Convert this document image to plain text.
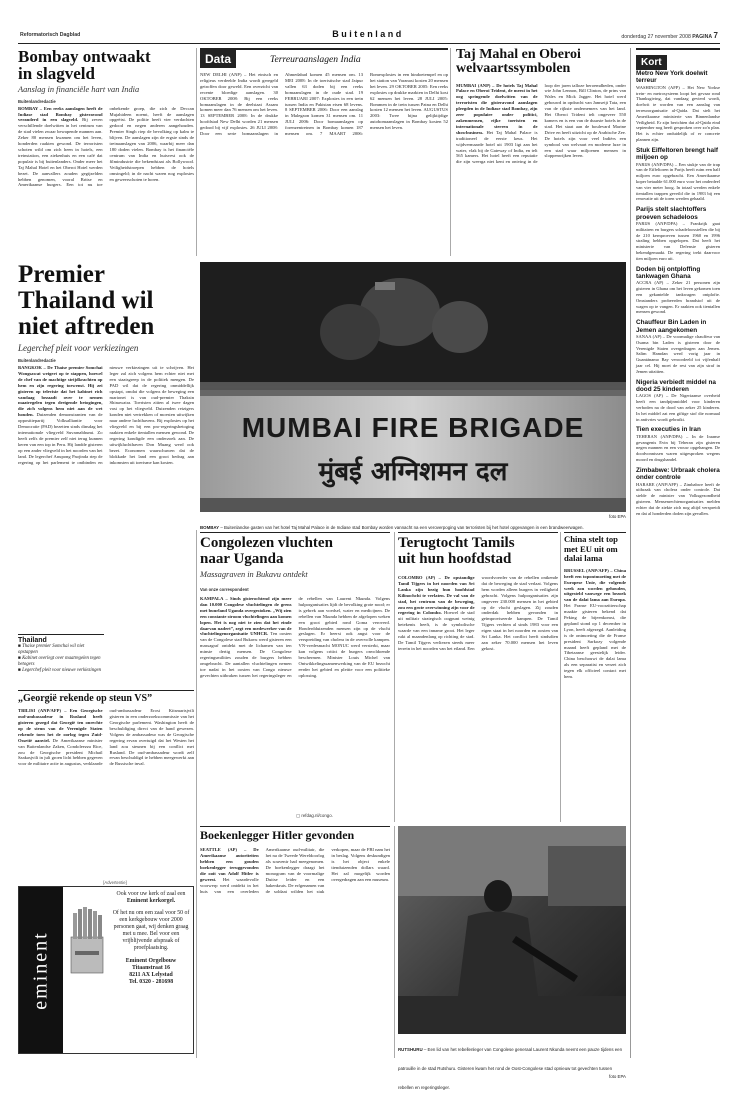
Reformatorisch Dagblad	Buitenland	donderdag 27 november 2008 PAGINA 7
Bombay ontwaakt
in slagveld
Aanslag in financiële hart van India
Buitenlandredactie
BOMBAY – Een reeks aanslagen heeft de Indiase stad Bombay gisteravond veranderd in een slagveld. Bij zeven verschillende doelwitten in het centrum van de stad vielen zwaar bewapende mannen aan. Zeker 80 mensen kwamen om het leven, honderden raakten gewond. De terroristen schoten wild om zich heen in hotels, een treinstation, een ziekenhuis en een café dat populair is bij buitenlanders. Onder meer het Taj Mahal Hotel en het Oberoi Hotel werden bezet. De aanvallers zouden gegijzelden hebben genomen, vooral Britse en Amerikaanse burgers. Een tot nu toe onbekende groep, die zich de Deccan Mujahideen noemt, heeft de aanslagen opgeëist. De politie heeft vier verdachten gedood en negen anderen aangehouden. Premier Singh riep de bevolking op kalm te blijven. De aanslagen zijn de ergste sinds de treinaanslagen van 2006, waarbij meer dan 180 doden vielen. Bombay is het financiële centrum van India en huisvest ook de filmindustrie die bekendstaat als Bollywood. Veiligheidstroepen hebben de hotels omsingeld; in de nacht waren nog explosies en geweerschoten te horen.
Data	Terreuraanslagen India
NEW DELHI (ANP) – Het etnisch en religieus verdeelde India wordt geregeld getroffen door geweld. Een overzicht van recente bloedige aanslagen. 30 OKTOBER 2008: Bij een reeks bomaanslagen in de deelstaat Assam komen meer dan 76 mensen om het leven. 13 SEPTEMBER 2008: In de drukke hoofdstad New Delhi worden 21 mensen gedood bij vijf explosies. 26 JULI 2008: Door een serie bomaanslagen in Ahmedabad komen 45 mensen om. 13 MEI 2008: In de toeristische stad Jaipur vallen 63 doden bij een reeks bomaanslagen in de oude stad. 19 FEBRUARI 2007: Explosies in een trein tussen India en Pakistan eisen 68 levens. 8 SEPTEMBER 2006: Door een aanslag in Malegaon komen 31 mensen om. 11 JULI 2006: Door bomaanslagen op forenzentreinen in Bombay komen 187 mensen om. 7 MAART 2006: Bomexplosies in een hindoetempel en op het station van Varanasi kosten 20 mensen het leven. 29 OKTOBER 2005: Een reeks explosies op drukke markten in Delhi kost 62 mensen het leven. 28 JULI 2005: Bommen in de trein tussen Patna en Delhi kosten 12 mensen het leven. AUGUSTUS 2003: Twee bijna gelijktijdige autobomaanslagen in Bombay kosten 52 mensen het leven.
Taj Mahal en Oberoi
welvaartssymbolen
MUMBAI (ANP) – De hotels Taj Mahal Palace en Oberoi Trident, de meest in het oog springende doelwitten van de terroristen die gisteravond aanslagen pleegden in de Indiase stad Bombay, zijn zeer populaire onder politici, zakenmensen, rijke toeristen en internationale sterren in de showbusiness. Het Taj Mahal Palace is traditioneel de eerste keus. Het wijdvermaarde hotel uit 1903 ligt aan het water, vlak bij de Gateway of India, en telt 565 kamers. Het hotel heeft een reputatie die zijn weerga niet kent en ontving in de loop der jaren talloze beroemdheden, onder wie John Lennon, Bill Clinton, de prins van Wales en Mick Jagger. Het hotel werd gebouwd in opdracht van Jamsetji Tata, een van de rijkste ondernemers van het land. Het Oberoi Trident telt ongeveer 550 kamers en is een van de duurste hotels in de stad. Het staat aan de boulevard Marine Drive en heeft uitzicht op de Arabische Zee. De hotels zijn voor veel Indiërs een symbool van welvaart en moderne luxe in een stad waar miljoenen mensen in sloppenwijken leven.
Kort
Metro New York doelwit terreur
WASHINGTON (AFP) – Het New Yorkse trein- en metrosysteem loopt het gevaar rond Thanksgiving, dat vandaag gevierd wordt, doelwit te worden van een aanslag van terreurorganisatie al-Qaida. Dat stelt het Amerikaanse ministerie van Binnenlandse Veiligheid. Er zijn berichten dat al-Qaida eind september nog heeft gesproken over zo'n plan. Het is echter onduidelijk of er concrete plannen zijn.
Stuk Eiffeltoren brengt half miljoen op
PARIJS (ANP/DPA) – Een stukje van de trap van de Eiffeltoren in Parijs heeft ruim een half miljoen euro opgebracht. Een Amerikaanse koper betaalde 61.000 euro voor het onderdeel van vier meter hoog. In totaal werden enkele tientallen trappen geveild die in 1983 bij een renovatie uit de toren werden gehaald.
Parijs stelt slachtoffers proeven schadeloos
PARIJS (ANP/DPA) – Frankrijk gaat militairen en burgers schadeloosstellen die bij de 210 kernproeven tussen 1960 en 1996 straling hebben opgelopen. Dat heeft het ministerie van Defensie gisteren bekendgemaakt. De regering trekt daarvoor tien miljoen euro uit.
Doden bij ontploffing tankwagen Ghana
ACCRA (AP) – Zeker 21 personen zijn gisteren in Ghana om het leven gekomen toen een gekantelde tankwagen ontplofte. Omstanders probeerden brandstof uit de wagen op te vangen. Er raakten ook tientallen mensen gewond.
Chauffeur Bin Laden in Jemen aangekomen
SANAA (AP) – De voormalige chauffeur van Osama bin Laden is gisteren door de Verenigde Staten overgedragen aan Jemen. Salim Hamdan werd vorig jaar in Guantánamo Bay veroordeeld tot vijfenhalf jaar cel. Hij moet de rest van zijn straf in Jemen uitzitten.
Nigeria verbiedt middel na dood 25 kinderen
LAGOS (AP) – De Nigeriaanse overheid heeft een tandpijnmiddel voor kinderen verboden na de dood van zeker 25 kinderen. In het middel zat een giftige stof die normaal in antivries wordt gebruikt.
Tien executies in Iran
TEHERAN (ANP/DPA) – In de Iraanse gevangenis Evin bij Teheran zijn gisteren negen mannen en een vrouw opgehangen. De doodvonnissen waren uitgesproken wegens moord en drugshandel.
Zimbabwe: Urbraak cholera onder controle
HARARE (ANP/AFP) – Zimbabwe heeft de uitbraak van cholera onder controle. Dat stelde de minister van Volksgezondheid gisteren. Mensenrechtenorganisaties melden echter dat de ziekte zich nog altijd verspreidt en dat al honderden doden zijn gevallen.
Premier
Thailand wil
niet aftreden
Legerchef pleit voor verkiezingen
Buitenlandredactie
BANGKOK – De Thaise premier Somchai Wongsawat weigert op te stappen, hoewel de chef van de machtige strijdkrachten op hem en zijn regering toewenst. Hij zei gisteren op televisie dat het kabinet rich vandaag bezaadt over te nemen maatregelen tegen dreigende betogingen, die zich volgens hem niet aan de wet houden. Duizenden demonstranten van de oppositiepartij Volksalliantie voor Democratie (PAD) bezetten sinds dinsdag het internationale vliegveld Suvarnabhumi. Zo heeft zelfs de premier zelf niet terug kunnen keren van een top in Peru. Hij landde gisteren op een ander vliegveld in het noorden van het land. De legerchef Anupong Paojinda riep de regering op het parlement te ontbinden en nieuwe verkiezingen uit te schrijven. Het leger zal zich volgens hem echter niet met een staatsgreep in de politiek mengen. De PAD wil dat de regering onmiddellijk opstapt, omdat die volgens de beweging een marionet is van oud-premier Thaksin Shinawatra. Toeristen zitten al twee dagen vast op het vliegveld. Duizenden reizigers konden niet vertrekken of moesten uitwijken naar andere luchthavens. Bij explosies op het vliegveld en bij een pro-regeringsbetoging raakten enkele tientallen mensen gewond. De regering kondigde een onderzoek aan. De uitwijkluchthaven Don Muang werd ook bezet. Economen waarschuwen dat de blokkade het land een groot bedrag aan inkomsten uit toerisme kan kosten.
Thailand
■ Thaise premier Somchai wil niet opstappen
■ Kabinet overlegt over maatregelen tegen betogers
■ Legerchef pleit voor nieuwe verkiezingen
MUMBAI FIRE BRIGADE
मुंबई अग्निशमन दल
BOMBAY – Buitenlandse gasten van het hotel Taj Mahal Palace in de Indiase stad Bombay worden vannacht na een veroverpoging van terroristen bij het hotel opgevangen in een brandweerwagen.
foto EPA
„Georgië rekende op steun VS”
TBILISI (ANP/AFP) – Een Georgische oud-ambassadeur in Rusland heeft gisteren gezegd dat Georgië ten onrechte op de steun van de Verenigde Staten rekende toen het de oorlog tegen Zuid-Ossetië aanviel. De Amerikaanse minister van Buitenlandse Zaken, Condoleezza Rice, zou de Georgische president Michail Saakasjvili in juli groen licht hebben gegeven voor de militaire actie in augustus, verklaarde oud-ambassadeur Erosi Kitsmarisjvili gisteren in een onderzoekscommissie van het Georgische parlement. Washington heeft de beschuldiging direct van de hand gewezen. Volgens de ambassadeur was de Georgische regering ervan overtuigd dat het Westen het land zou steunen bij een conflict met Rusland. De oud-ambassadeur wordt zelf ervan beschuldigd te hebben meegewerkt aan de Russische inval.
[Advertentie]
eminent
Ook voor uw kerk of zaal een Eminent kerkorgel.
Of het nu om een zaal voor 50 of een kerkgebouw voor 2000 personen gaat, wij denken graag met u mee. Bel voor een vrijblijvende afspraak of proefplaatsing.
Eminent Orgelbouw
Titaanstraat 16
8211 AX Lelystad
Tel. 0320 - 281698
Congolezen vluchten
naar Uganda
Massagraven in Bukavu ontdekt
Van onze correspondent
KAMPALA – Sinds gisterochtend zijn meer dan 10.000 Congolese vluchtelingen de grens met buurland Uganda overgestoken. „Wij zien een constante stroom vluchtelingen aan komen lopen. Het is nog niet te zien dat het einde daarvan nadert”, zegt een medewerker van de vluchtelingenorganisatie UNHCR. Ten oosten van de Congolese stad Bukavu werd gisteren een massagraf ontdekt met de lichamen van ten minste dertig mensen. De Congolese regeringsmilities zouden de burgers hebben omgebracht. De aantallen vluchtelingen nemen toe nadat in het oosten van Congo nieuwe gevechten uitbraken tussen het regeringsleger en de rebellen van Laurent Nkunda. Volgens hulporganisaties lijdt de bevolking grote nood; er is gebrek aan voedsel, water en medicijnen. De rebellen van Nkunda hebben de afgelopen weken een groot gebied rond Goma veroverd. Honderdduizenden mensen zijn op de vlucht geslagen. Er heerst ook angst voor de verspreiding van cholera in de overvolle kampen. VN-vredesmacht MONUC werd versterkt, maar kan volgens critici de burgers onvoldoende beschermen. Minister Louis Michel van Ontwikkelingssamenwerking van de EU bezocht eerder het gebied en pleitte voor een politieke oplossing.
▢ refdag.nl/congo.
Terugtocht Tamils
uit hun hoofdstad
COLOMBO (AP) – De opstandige Tamil Tijgers in het noorden van Sri Lanka zijn bezig hun hoofdstad Kilinochchi te verlaten. De val van de stad, het centrum van de beweging, zou een grote overwinning zijn voor de regering in Colombo. Hoewel de stad uit militair strategisch oogpunt weinig betekenis heeft, is de symbolische waarde van een inname groot. Het leger rukt al maandenlang op richting de stad. De Tamil Tijgers verliezen steeds meer terrein in het noorden van het eiland. Een woordvoerder van de rebellen ontkende dat de beweging de stad verlaat. Volgens hem worden alleen burgers in veiligheid gebracht. Volgens hulporganisaties zijn ongeveer 230.000 mensen in het gebied op de vlucht geslagen. Zij zouden onderdak hebben gevonden in geïmproviseerde kampen. De Tamil Tijgers vechten al sinds 1983 voor een eigen staat in het noorden en oosten van Sri Lanka. Het conflict heeft sindsdien aan zeker 70.000 mensen het leven gekost.
China stelt top
met EU uit om
dalai lama
BRUSSEL (ANP/AFP) – China heeft een topontmoeting met de Europese Unie, die volgende week zou worden gehouden, uitgesteld vanwege een bezoek van de dalai lama aan Europa. Het Franse EU-voorzitterschap maakte gisteren bekend dat Peking de bijeenkomst, die gepland stond op 1 december in Lyon, heeft afgezegd. Aanleiding is de ontmoeting die de Franse president Sarkozy volgende maand heeft gepland met de Tibetaanse geestelijk leider. China beschouwt de dalai lama als een separatist en verzet zich tegen elk officieel contact met hem.
Boekenlegger Hitler gevonden
SEATTLE (AP) – De Amerikaanse autoriteiten hebben een gouden boekenlegger teruggevonden die ooit van Adolf Hitler is geweest. Het waardevolle voorwerp werd ontdekt in het huis van een overleden Amerikaanse oud-militair, die het na de Tweede Wereldoorlog als souvenir had meegenomen. De boekenlegger draagt het monogram van de voormalige Duitse leider en een hakenkruis. De erfgenamen van de soldaat wilden het stuk verkopen, maar de FBI nam het in beslag. Volgens deskundigen is het object enkele tienduizenden dollars waard. Het zal mogelijk worden overgedragen aan een museum.
RUTSHURU – Een lid van het rebellenleger van Congolese generaal Laurent Nkunda neemt een pauze tijdens een patrouille in de stad Rutshuru. Gisteren kwam het rond de Oost-Congolese stad opnieuw tot gevechten tussen rebellen en regeringsleger.
foto EPA
